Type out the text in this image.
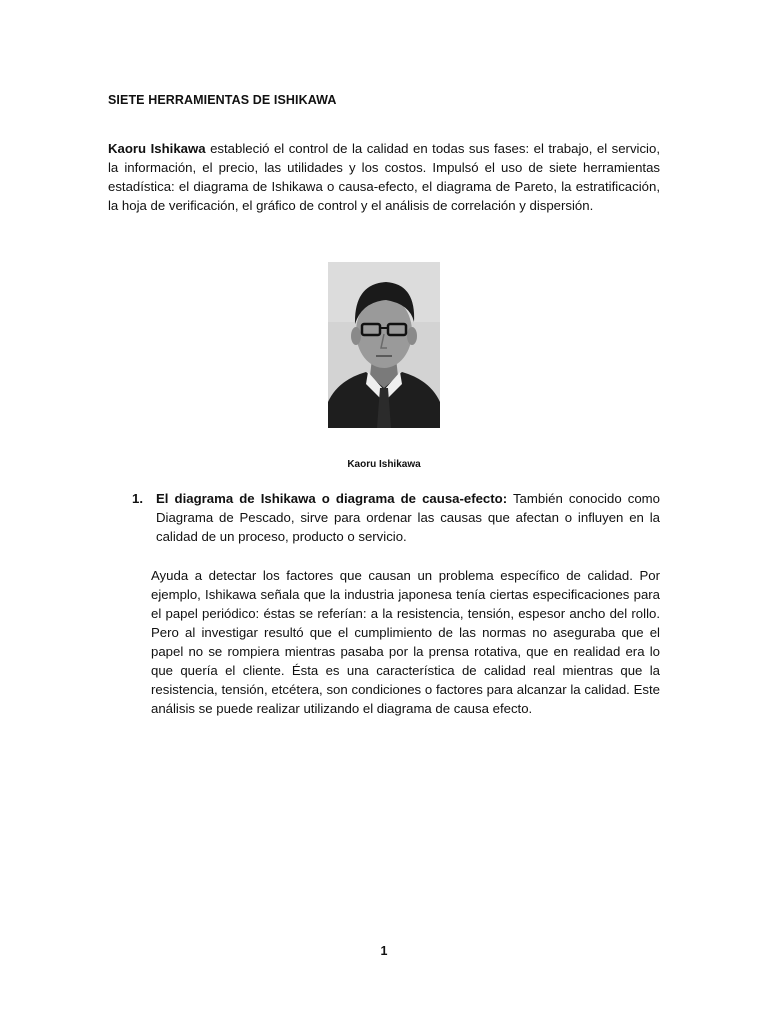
SIETE HERRAMIENTAS DE ISHIKAWA

Kaoru Ishikawa estableció el control de la calidad en todas sus fases: el trabajo, el servicio, la información, el precio, las utilidades y los costos. Impulsó el uso de siete herramientas estadística: el diagrama de Ishikawa o causa-efecto, el diagrama de Pareto, la estratificación, la hoja de verificación, el gráfico de control y el análisis de correlación y dispersión.

Kaoru Ishikawa
1. El diagrama de Ishikawa o diagrama de causa-efecto: También conocido como Diagrama de Pescado, sirve para ordenar las causas que afectan o influyen en la calidad de un proceso, producto o servicio.

Ayuda a detectar los factores que causan un problema específico de calidad. Por ejemplo, Ishikawa señala que la industria japonesa tenía ciertas especificaciones para el papel periódico: éstas se referían: a la resistencia, tensión, espesor ancho del rollo. Pero al investigar resultó que el cumplimiento de las normas no aseguraba que el papel no se rompiera mientras pasaba por la prensa rotativa, que en realidad era lo que quería el cliente. Ésta es una característica de calidad real mientras que la resistencia, tensión, etcétera, son condiciones o factores para alcanzar la calidad. Este análisis se puede realizar utilizando el diagrama de causa efecto.

1
